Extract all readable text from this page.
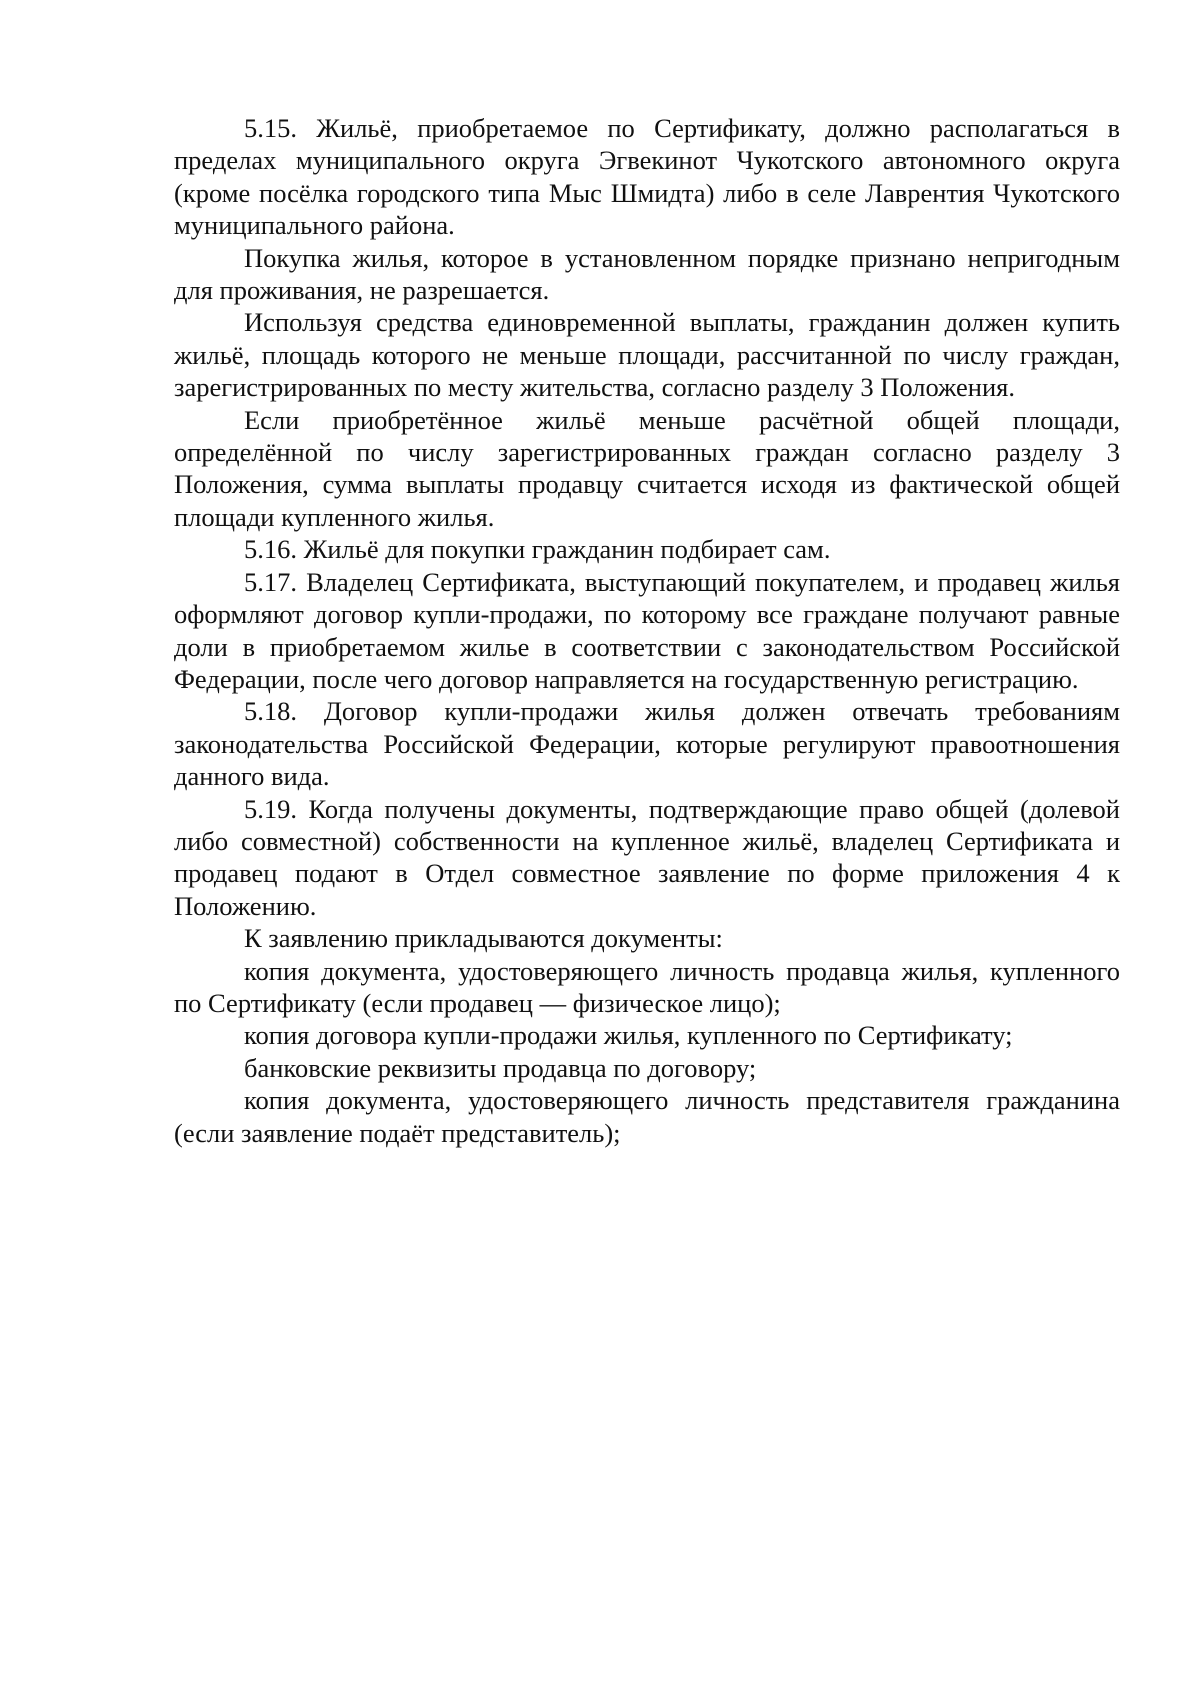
5.15. Жильё, приобретаемое по Сертификату, должно располагаться в пределах муниципального округа Эгвекинот Чукотского автономного округа (кроме посёлка городского типа Мыс Шмидта) либо в селе Лаврентия Чукотского муниципального района.

Покупка жилья, которое в установленном порядке признано непригодным для проживания, не разрешается.

Используя средства единовременной выплаты, гражданин должен купить жильё, площадь которого не меньше площади, рассчитанной по числу граждан, зарегистрированных по месту жительства, согласно разделу 3 Положения.

Если приобретённое жильё меньше расчётной общей площади, определённой по числу зарегистрированных граждан согласно разделу 3 Положения, сумма выплаты продавцу считается исходя из фактической общей площади купленного жилья.

5.16. Жильё для покупки гражданин подбирает сам.

5.17. Владелец Сертификата, выступающий покупателем, и продавец жилья оформляют договор купли-продажи, по которому все граждане получают равные доли в приобретаемом жилье в соответствии с законодательством Российской Федерации, после чего договор направляется на государственную регистрацию.

5.18. Договор купли-продажи жилья должен отвечать требованиям законодательства Российской Федерации, которые регулируют правоотношения данного вида.

5.19. Когда получены документы, подтверждающие право общей (долевой либо совместной) собственности на купленное жильё, владелец Сертификата и продавец подают в Отдел совместное заявление по форме приложения 4 к Положению.

К заявлению прикладываются документы:

копия документа, удостоверяющего личность продавца жилья, купленного по Сертификату (если продавец — физическое лицо);

копия договора купли-продажи жилья, купленного по Сертификату;

банковские реквизиты продавца по договору;

копия документа, удостоверяющего личность представителя гражданина (если заявление подаёт представитель);
